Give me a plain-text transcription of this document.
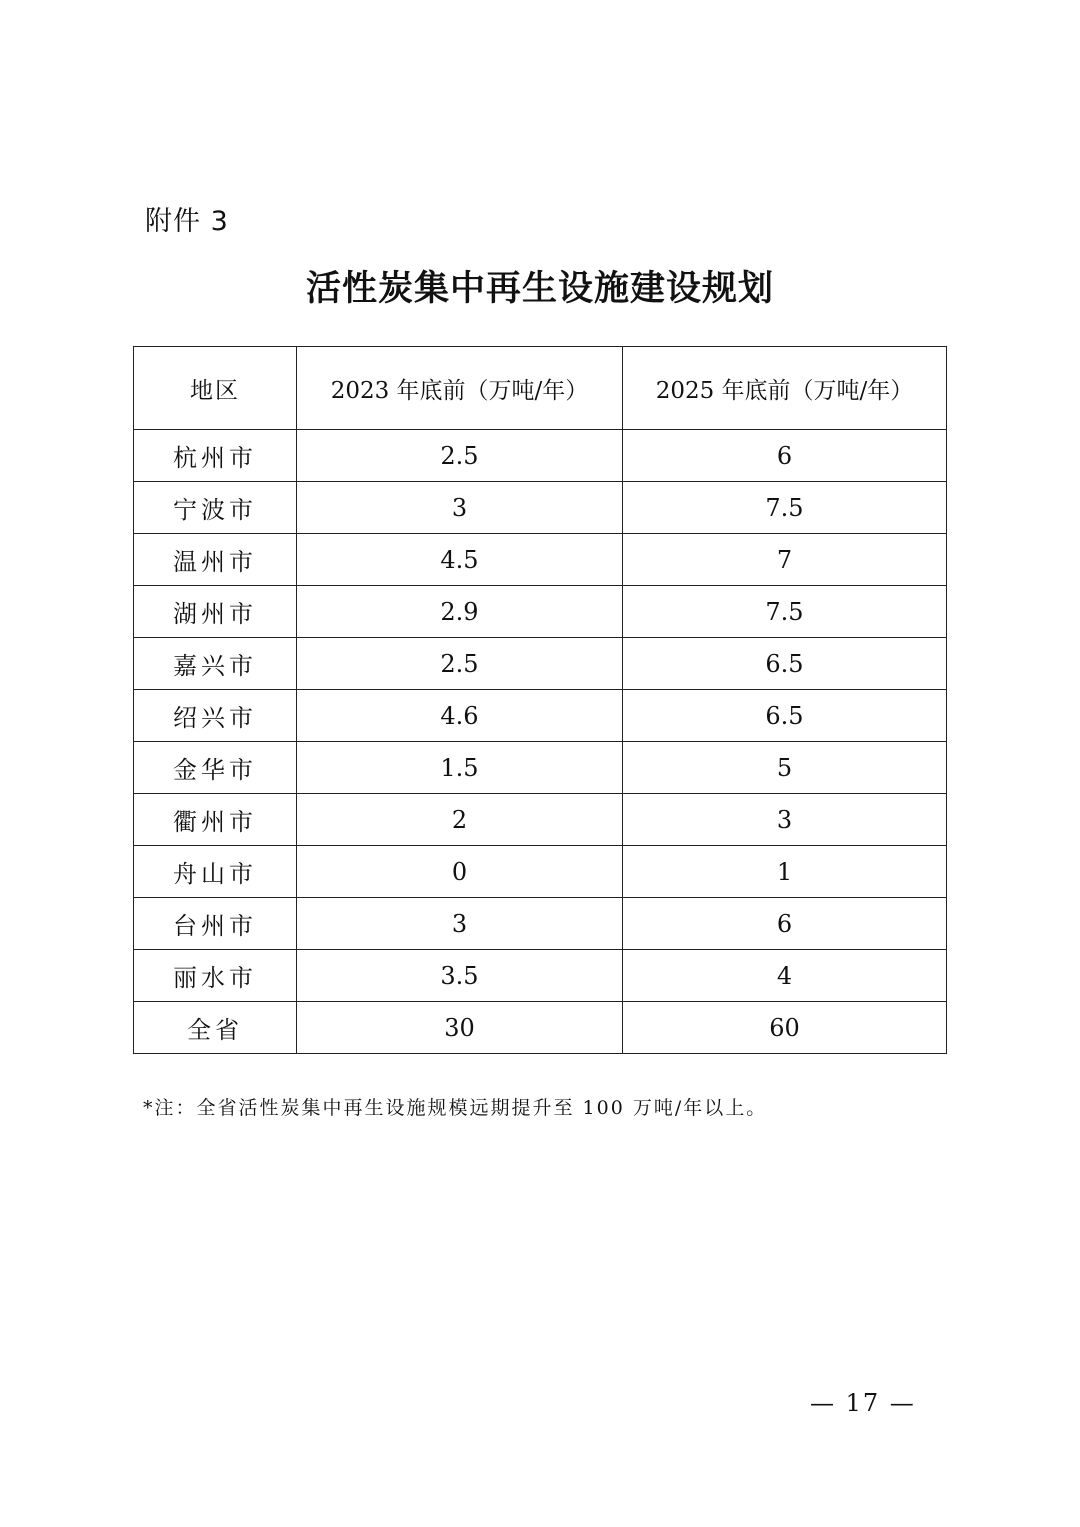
附件 3
活性炭集中再生设施建设规划
地区	2023 年底前（万吨/年）	2025 年底前（万吨/年）
杭州市	2.5	6
宁波市	3	7.5
温州市	4.5	7
湖州市	2.9	7.5
嘉兴市	2.5	6.5
绍兴市	4.6	6.5
金华市	1.5	5
衢州市	2	3
舟山市	0	1
台州市	3	6
丽水市	3.5	4
全省	30	60
*注：全省活性炭集中再生设施规模远期提升至 100 万吨/年以上。
— 17 —
